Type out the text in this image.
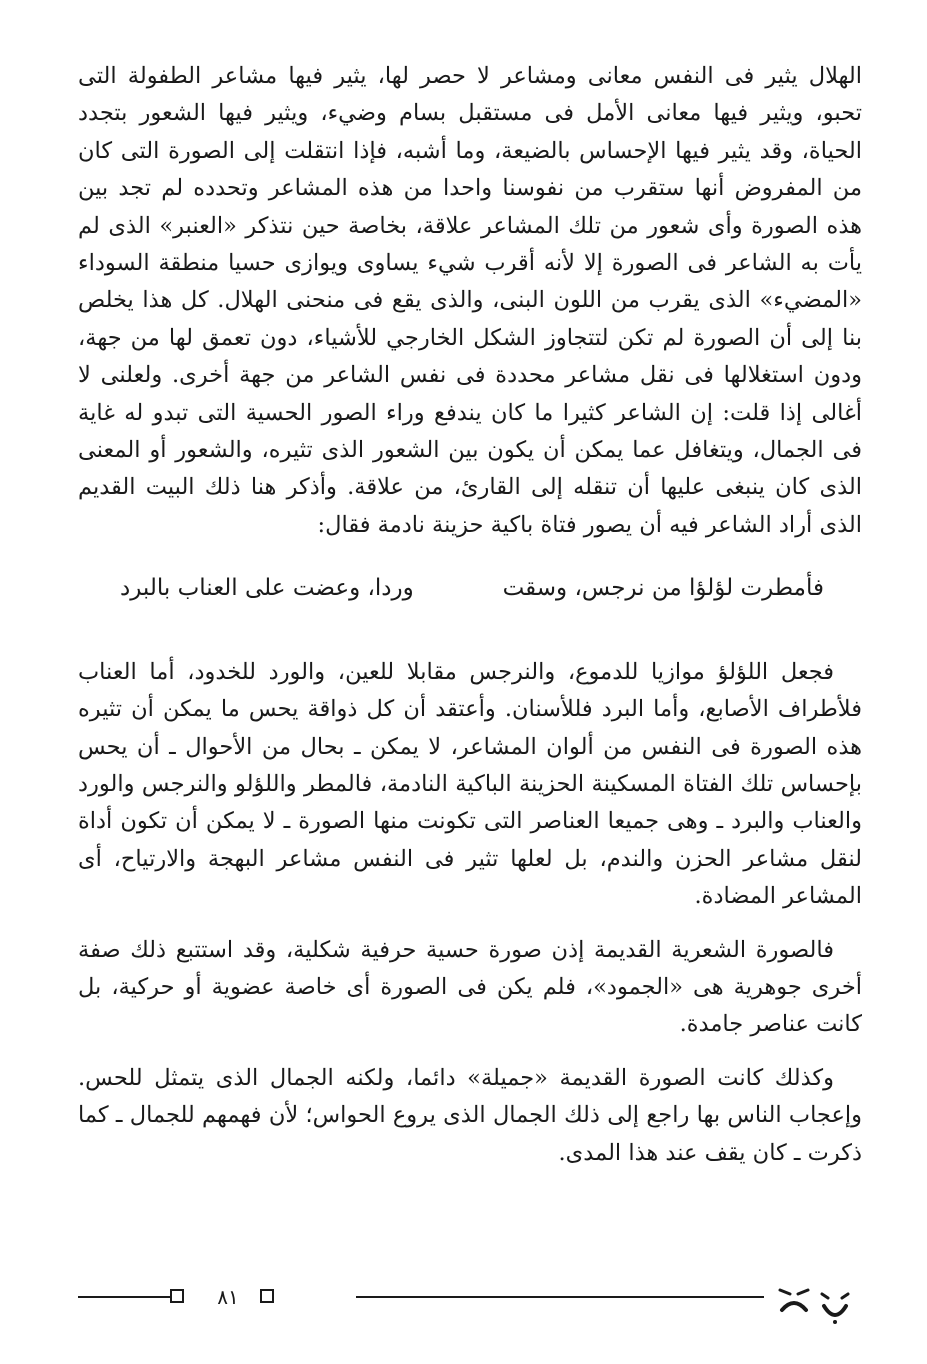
الهلال يثير فى النفس معانى ومشاعر لا حصر لها، يثير فيها مشاعر الطفولة التى تحبو، ويثير فيها معانى الأمل فى مستقبل بسام وضيء، ويثير فيها الشعور بتجدد الحياة، وقد يثير فيها الإحساس بالضيعة، وما أشبه، فإذا انتقلت إلى الصورة التى كان من المفروض أنها ستقرب من نفوسنا واحدا من هذه المشاعر وتحدده لم تجد بين هذه الصورة وأى شعور من تلك المشاعر علاقة، بخاصة حين نتذكر «العنبر» الذى لم يأت به الشاعر فى الصورة إلا لأنه أقرب شيء يساوى ويوازى حسيا منطقة السوداء «المضيء» الذى يقرب من اللون البنى، والذى يقع فى منحنى الهلال. كل هذا يخلص بنا إلى أن الصورة لم تكن لتتجاوز الشكل الخارجي للأشياء، دون تعمق لها من جهة، ودون استغلالها فى نقل مشاعر محددة فى نفس الشاعر من جهة أخرى. ولعلنى لا أغالى إذا قلت: إن الشاعر كثيرا ما كان يندفع وراء الصور الحسية التى تبدو له غاية فى الجمال، ويتغافل عما يمكن أن يكون بين الشعور الذى تثيره، والشعور أو المعنى الذى كان ينبغى عليها أن تنقله إلى القارئ، من علاقة. وأذكر هنا ذلك البيت القديم الذى أراد الشاعر فيه أن يصور فتاة باكية حزينة نادمة فقال:

فأمطرت لؤلؤا من نرجس، وسقت
وردا، وعضت على العناب بالبرد

فجعل اللؤلؤ موازيا للدموع، والنرجس مقابلا للعين، والورد للخدود، أما العناب فلأطراف الأصابع، وأما البرد فللأسنان. وأعتقد أن كل ذواقة يحس ما يمكن أن تثيره هذه الصورة فى النفس من ألوان المشاعر، لا يمكن ـ بحال من الأحوال ـ أن يحس بإحساس تلك الفتاة المسكينة الحزينة الباكية النادمة، فالمطر واللؤلو والنرجس والورد والعناب والبرد ـ وهى جميعا العناصر التى تكونت منها الصورة ـ لا يمكن أن تكون أداة لنقل مشاعر الحزن والندم، بل لعلها تثير فى النفس مشاعر البهجة والارتياح، أى المشاعر المضادة.

فالصورة الشعرية القديمة إذن صورة حسية حرفية شكلية، وقد استتبع ذلك صفة أخرى جوهرية هى «الجمود»، فلم يكن فى الصورة أى خاصة عضوية أو حركية، بل كانت عناصر جامدة.

وكذلك كانت الصورة القديمة «جميلة» دائما، ولكنه الجمال الذى يتمثل للحس. وإعجاب الناس بها راجع إلى ذلك الجمال الذى يروع الحواس؛ لأن فهمهم للجمال ـ كما ذكرت ـ كان يقف عند هذا المدى.

٨١
